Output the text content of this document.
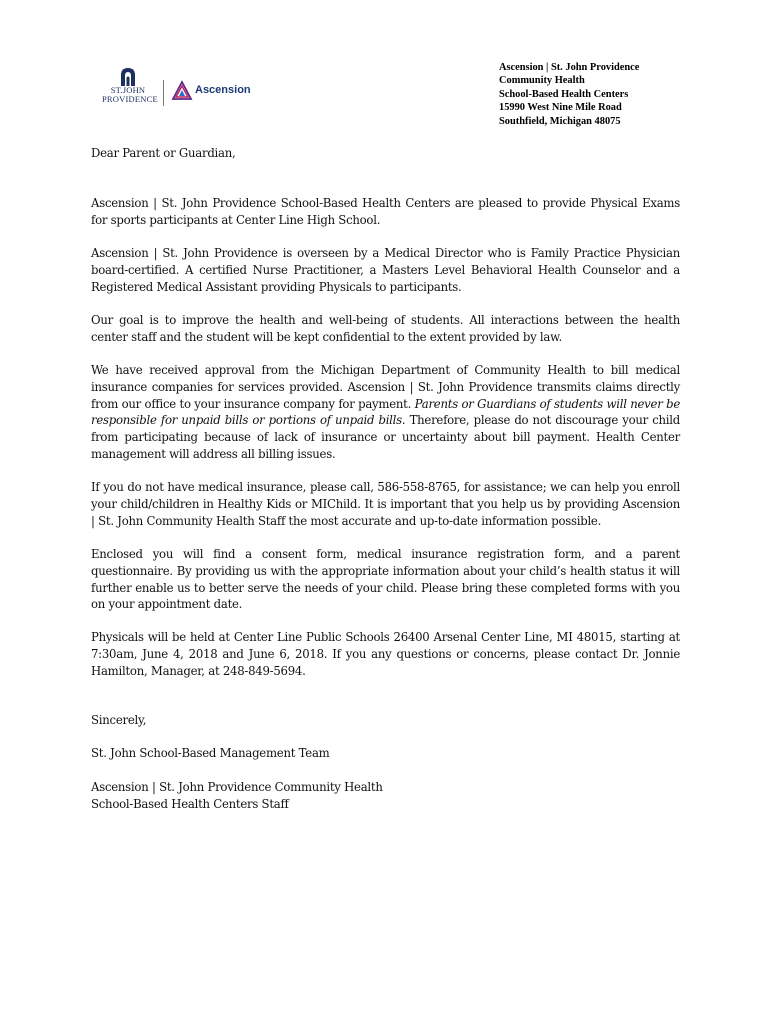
ST.JOHN
PROVIDENCE
Ascension
Ascension | St. John Providence
Community Health
School-Based Health Centers
15990 West Nine Mile Road
Southfield, Michigan 48075

Dear Parent or Guardian,

Ascension | St. John Providence School-Based Health Centers are pleased to provide Physical Exams for sports participants at Center Line High School.

Ascension | St. John Providence is overseen by a Medical Director who is Family Practice Physician board-certified. A certified Nurse Practitioner, a Masters Level Behavioral Health Counselor and a Registered Medical Assistant providing Physicals to participants.

Our goal is to improve the health and well-being of students. All interactions between the health center staff and the student will be kept confidential to the extent provided by law.

We have received approval from the Michigan Department of Community Health to bill medical insurance companies for services provided. Ascension | St. John Providence transmits claims directly from our office to your insurance company for payment. Parents or Guardians of students will never be responsible for unpaid bills or portions of unpaid bills. Therefore, please do not discourage your child from participating because of lack of insurance or uncertainty about bill payment. Health Center management will address all billing issues.

If you do not have medical insurance, please call, 586-558-8765, for assistance; we can help you enroll your child/children in Healthy Kids or MIChild. It is important that you help us by providing Ascension | St. John Community Health Staff the most accurate and up-to-date information possible.

Enclosed you will find a consent form, medical insurance registration form, and a parent questionnaire. By providing us with the appropriate information about your child’s health status it will further enable us to better serve the needs of your child. Please bring these completed forms with you on your appointment date.

Physicals will be held at Center Line Public Schools 26400 Arsenal Center Line, MI 48015, starting at 7:30am, June 4, 2018 and June 6, 2018. If you any questions or concerns, please contact Dr. Jonnie Hamilton, Manager, at 248-849-5694.

Sincerely,

St. John School-Based Management Team

Ascension | St. John Providence Community Health
School-Based Health Centers Staff
